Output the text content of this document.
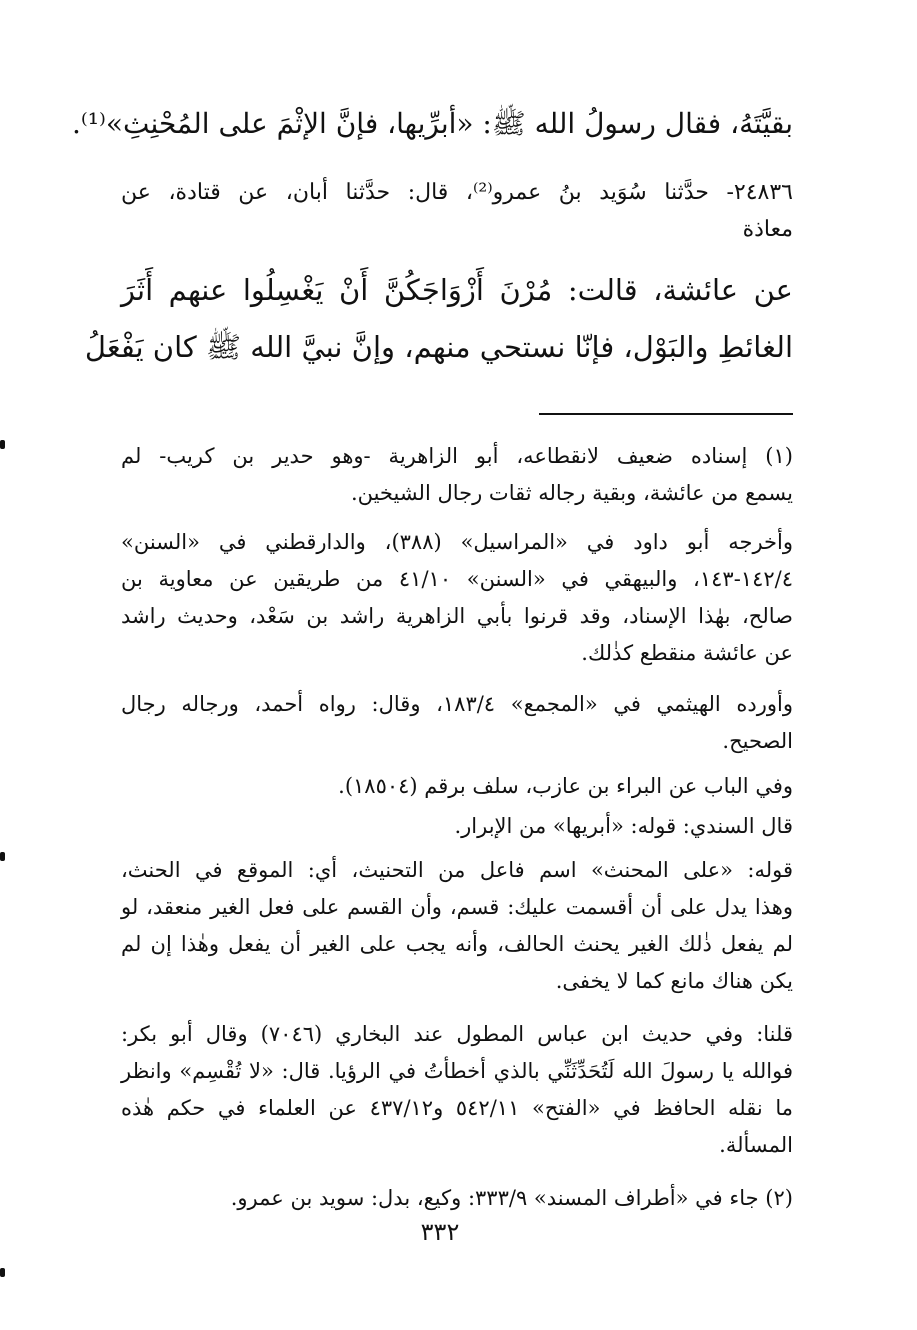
بقيَّتَهُ، فقال رسولُ الله ﷺ: «أبرِّيها، فإنَّ الإثْمَ على المُحْنِثِ»⁽¹⁾.
٢٤٨٣٦- حدَّثنا سُوَيد بنُ عمرو⁽²⁾، قال: حدَّثنا أبان، عن قتادة، عن
معاذة
عن عائشة، قالت: مُرْنَ أَزْوَاجَكُنَّ أَنْ يَغْسِلُوا عنهم أَثَرَ
الغائطِ والبَوْل، فإنّا نستحي منهم، وإنَّ نبيَّ الله ﷺ كان يَفْعَلُ
(١) إسناده ضعيف لانقطاعه، أبو الزاهرية -وهو حدير بن كريب- لم
يسمع من عائشة، وبقية رجاله ثقات رجال الشيخين.
وأخرجه أبو داود في «المراسيل» (٣٨٨)، والدارقطني في «السنن»
١٤٢/٤-١٤٣، والبيهقي في «السنن» ٤١/١٠ من طريقين عن معاوية بن
صالح، بهٰذا الإسناد، وقد قرنوا بأبي الزاهرية راشد بن سَعْد، وحديث راشد
عن عائشة منقطع كذٰلك.
وأورده الهيثمي في «المجمع» ١٨٣/٤، وقال: رواه أحمد، ورجاله رجال
الصحيح.
وفي الباب عن البراء بن عازب، سلف برقم (١٨٥٠٤).
قال السندي: قوله: «أبريها» من الإبرار.
قوله: «على المحنث» اسم فاعل من التحنيث، أي: الموقع في الحنث،
وهذا يدل على أن أقسمت عليك: قسم، وأن القسم على فعل الغير منعقد، لو
لم يفعل ذٰلك الغير يحنث الحالف، وأنه يجب على الغير أن يفعل وهٰذا إن لم
يكن هناك مانع كما لا يخفى.
قلنا: وفي حديث ابن عباس المطول عند البخاري (٧٠٤٦) وقال أبو بكر:
فوالله يا رسولَ الله لَتُحَدِّثَنِّي بالذي أخطأتُ في الرؤيا. قال: «لا تُقْسِم» وانظر
ما نقله الحافظ في «الفتح» ٥٤٢/١١ و٤٣٧/١٢ عن العلماء في حكم هٰذه
المسألة.
(٢) جاء في «أطراف المسند» ٣٣٣/٩: وكيع، بدل: سويد بن عمرو.
٣٣٢
